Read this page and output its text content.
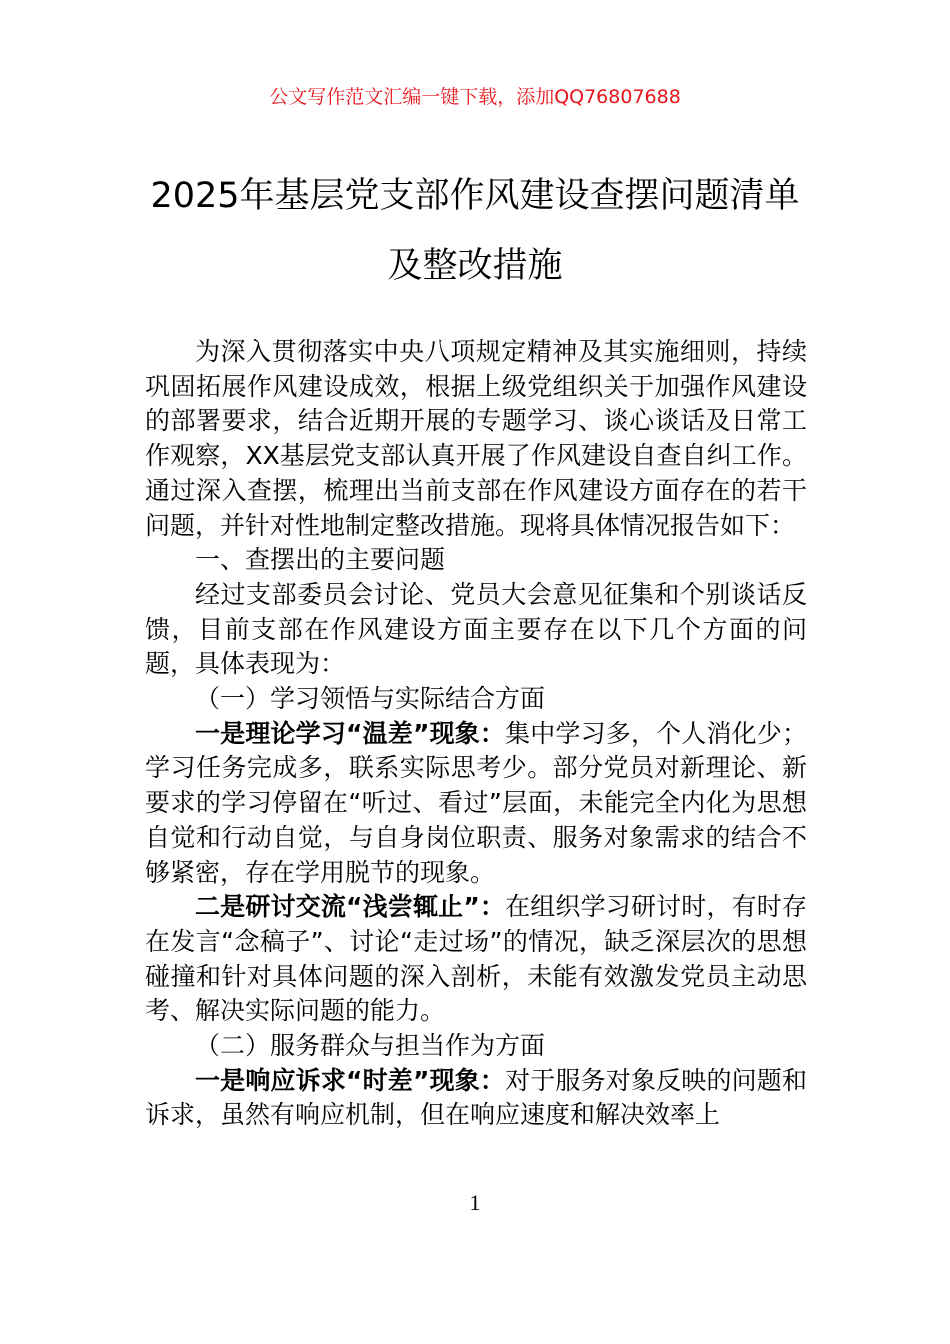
公文写作范文汇编一键下载，添加QQ76807688
2025年基层党支部作风建设查摆问题清单
及整改措施

为深入贯彻落实中央八项规定精神及其实施细则，持续巩固拓展作风建设成效，根据上级党组织关于加强作风建设的部署要求，结合近期开展的专题学习、谈心谈话及日常工作观察，XX基层党支部认真开展了作风建设自查自纠工作。通过深入查摆，梳理出当前支部在作风建设方面存在的若干问题，并针对性地制定整改措施。现将具体情况报告如下：

一、查摆出的主要问题

经过支部委员会讨论、党员大会意见征集和个别谈话反馈，目前支部在作风建设方面主要存在以下几个方面的问题，具体表现为：

（一）学习领悟与实际结合方面

一是理论学习“温差”现象：集中学习多，个人消化少；学习任务完成多，联系实际思考少。部分党员对新理论、新要求的学习停留在“听过、看过”层面，未能完全内化为思想自觉和行动自觉，与自身岗位职责、服务对象需求的结合不够紧密，存在学用脱节的现象。

二是研讨交流“浅尝辄止”：在组织学习研讨时，有时存在发言“念稿子”、讨论“走过场”的情况，缺乏深层次的思想碰撞和针对具体问题的深入剖析，未能有效激发党员主动思考、解决实际问题的能力。

（二）服务群众与担当作为方面

一是响应诉求“时差”现象：对于服务对象反映的问题和诉求，虽然有响应机制，但在响应速度和解决效率上

1
